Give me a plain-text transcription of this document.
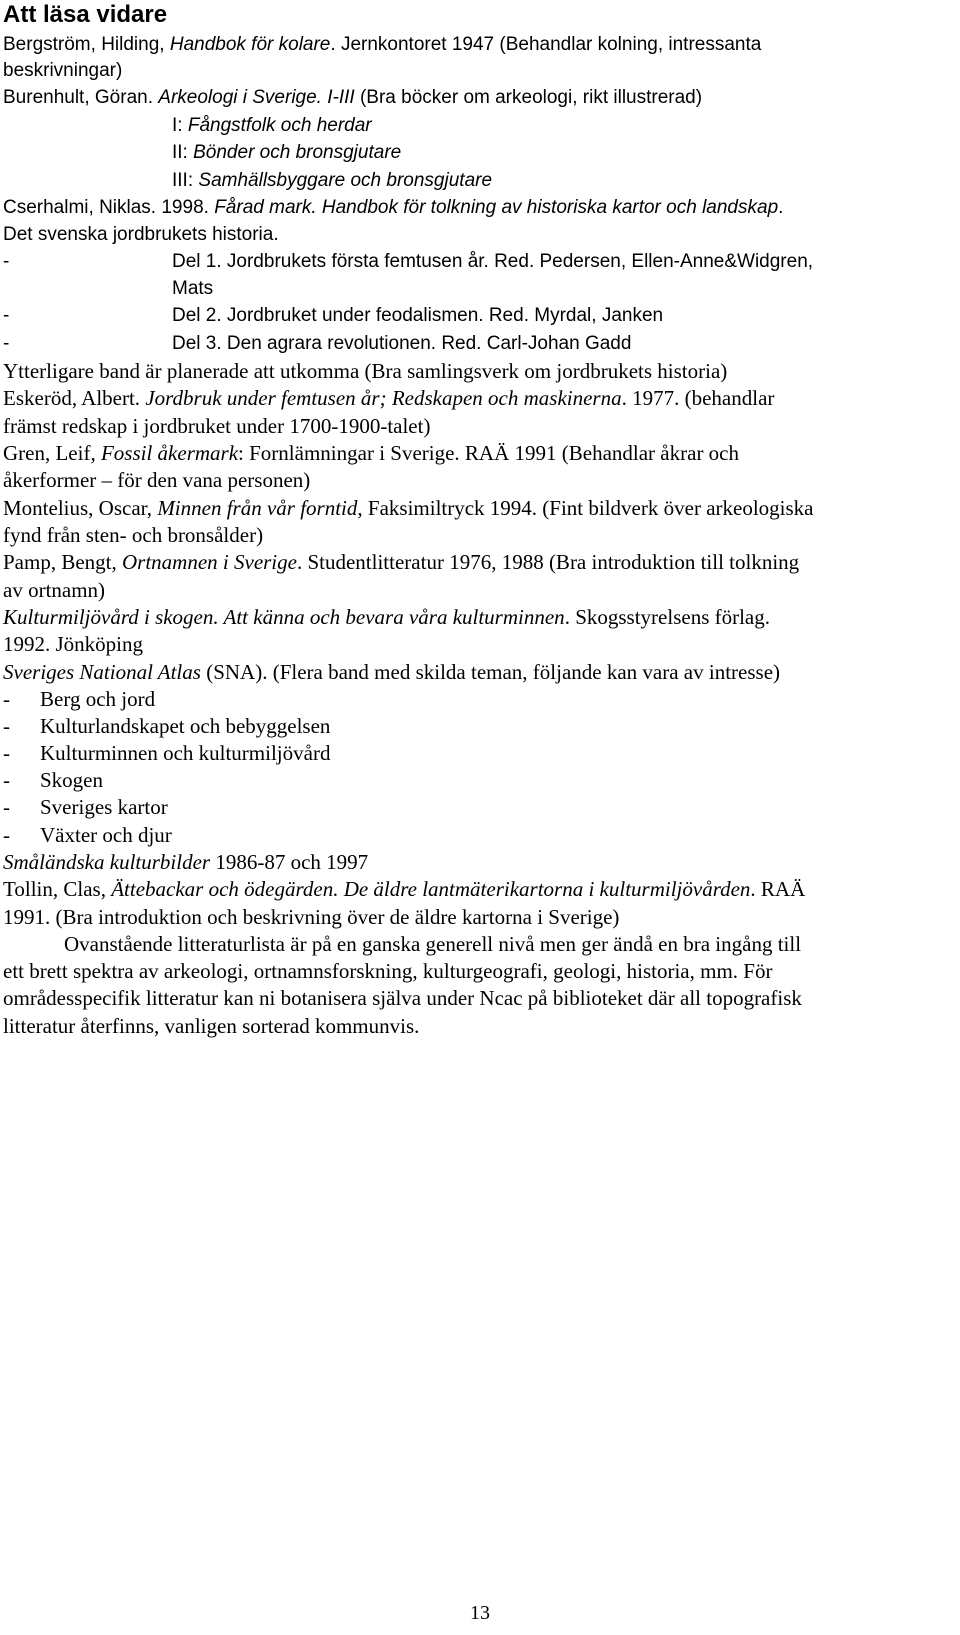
Att läsa vidare
Bergström, Hilding, Handbok för kolare. Jernkontoret 1947 (Behandlar kolning, intressanta
beskrivningar)
Burenhult, Göran. Arkeologi i Sverige. I-III (Bra böcker om arkeologi, rikt illustrerad)
I: Fångstfolk och herdar
II: Bönder och bronsgjutare
III: Samhällsbyggare och bronsgjutare
Cserhalmi, Niklas. 1998. Fårad mark. Handbok för tolkning av historiska kartor och landskap.
Det svenska jordbrukets historia.
-	Del 1. Jordbrukets första femtusen år. Red. Pedersen, Ellen-Anne&Widgren,
Mats
-	Del 2. Jordbruket under feodalismen. Red. Myrdal, Janken
-	Del 3. Den agrara revolutionen. Red. Carl-Johan Gadd
Ytterligare band är planerade att utkomma (Bra samlingsverk om jordbrukets historia)
Eskeröd, Albert. Jordbruk under femtusen år; Redskapen och maskinerna. 1977. (behandlar
främst redskap i jordbruket under 1700-1900-talet)
Gren, Leif, Fossil åkermark: Fornlämningar i Sverige. RAÄ 1991 (Behandlar åkrar och
åkerformer – för den vana personen)
Montelius, Oscar, Minnen från vår forntid, Faksimiltryck 1994. (Fint bildverk över arkeologiska
fynd från sten- och bronsålder)
Pamp, Bengt, Ortnamnen i Sverige. Studentlitteratur 1976, 1988 (Bra introduktion till tolkning
av ortnamn)
Kulturmiljövård i skogen. Att känna och bevara våra kulturminnen. Skogsstyrelsens förlag.
1992. Jönköping
Sveriges National Atlas (SNA). (Flera band med skilda teman, följande kan vara av intresse)
- Berg och jord
- Kulturlandskapet och bebyggelsen
- Kulturminnen och kulturmiljövård
- Skogen
- Sveriges kartor
- Växter och djur
Småländska kulturbilder 1986-87 och 1997
Tollin, Clas, Ättebackar och ödegärden. De äldre lantmäterikartorna i kulturmiljövården. RAÄ
1991. (Bra introduktion och beskrivning över de äldre kartorna i Sverige)
Ovanstående litteraturlista är på en ganska generell nivå men ger ändå en bra ingång till
ett brett spektra av arkeologi, ortnamnsforskning, kulturgeografi, geologi, historia, mm. För
områdesspecifik litteratur kan ni botanisera själva under Ncac på biblioteket där all topografisk
litteratur återfinns, vanligen sorterad kommunvis.
13
